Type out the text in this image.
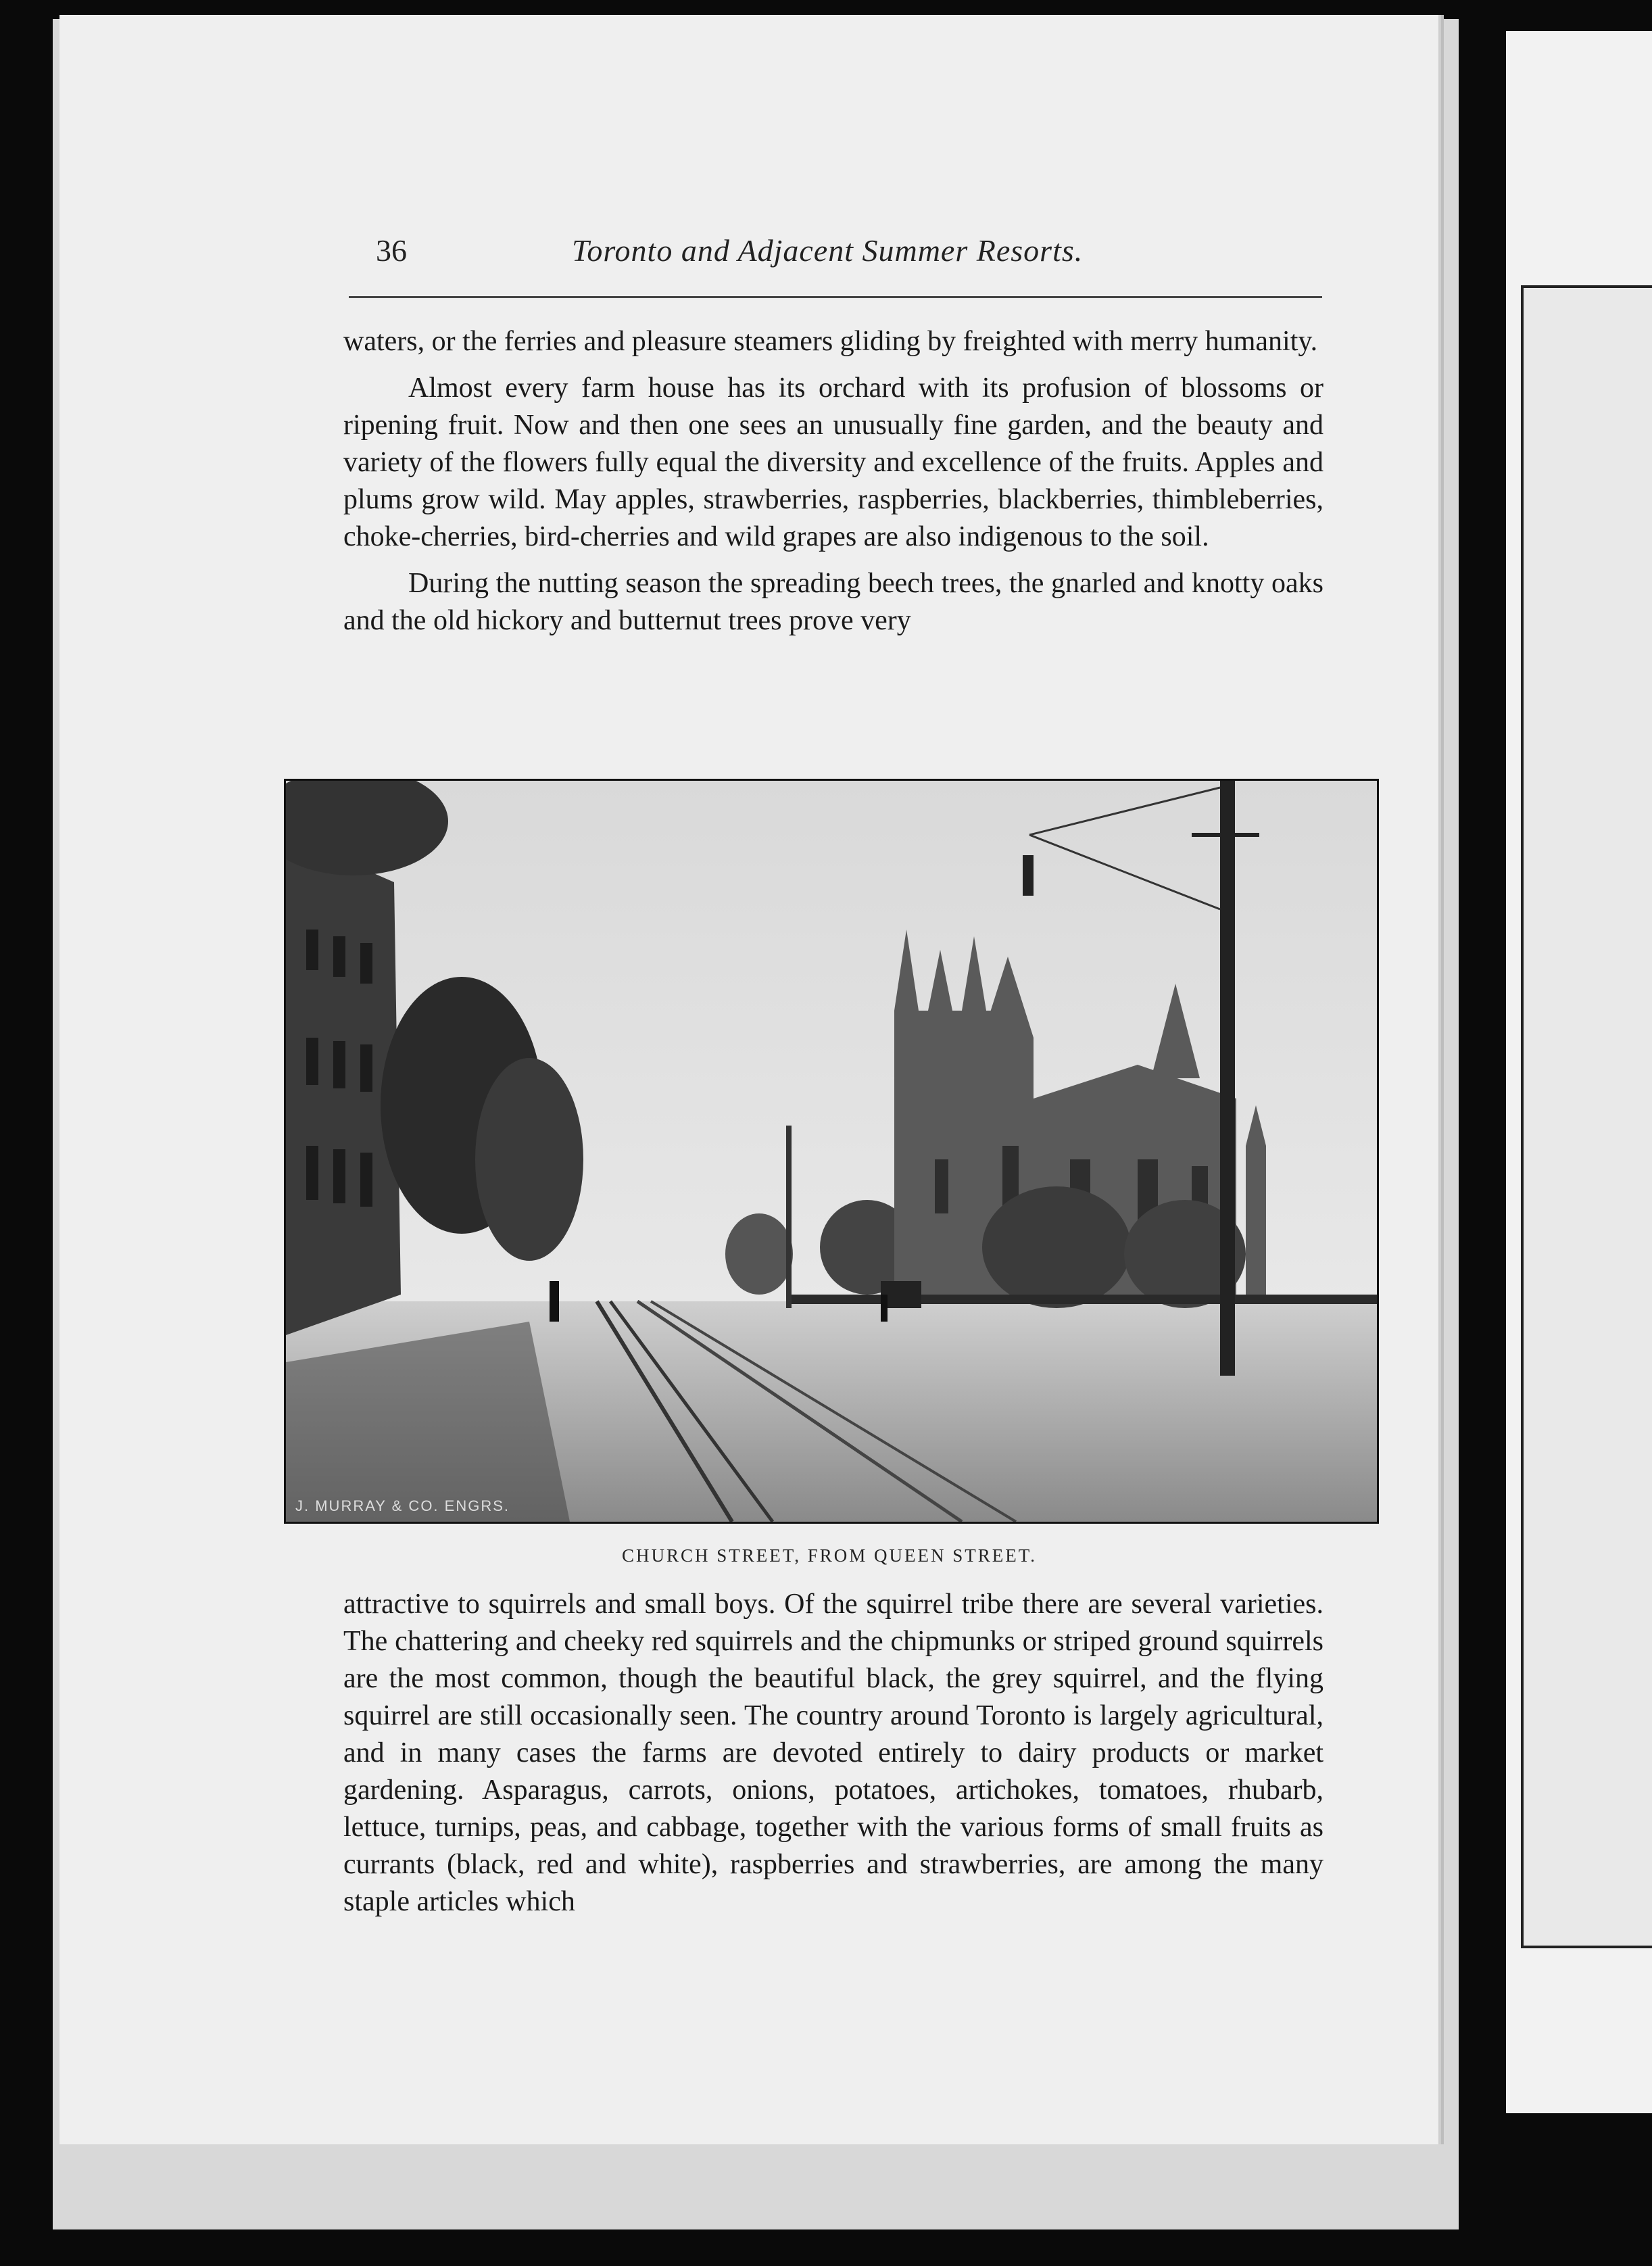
36	Toronto and Adjacent Summer Resorts.

waters, or the ferries and pleasure steamers gliding by freighted with merry humanity.

Almost every farm house has its orchard with its profusion of blossoms or ripening fruit. Now and then one sees an unusually fine garden, and the beauty and variety of the flowers fully equal the diversity and excellence of the fruits. Apples and plums grow wild. May apples, strawberries, raspberries, blackberries, thimbleberries, choke-cherries, bird-cherries and wild grapes are also indigenous to the soil.

During the nutting season the spreading beech trees, the gnarled and knotty oaks and the old hickory and butternut trees prove very

J. MURRAY & CO. ENGRS.
CHURCH STREET, FROM QUEEN STREET.

attractive to squirrels and small boys. Of the squirrel tribe there are several varieties. The chattering and cheeky red squirrels and the chipmunks or striped ground squirrels are the most common, though the beautiful black, the grey squirrel, and the flying squirrel are still occasionally seen. The country around Toronto is largely agricultural, and in many cases the farms are devoted entirely to dairy products or market gardening. Asparagus, carrots, onions, potatoes, artichokes, tomatoes, rhubarb, lettuce, turnips, peas, and cabbage, together with the various forms of small fruits as currants (black, red and white), raspberries and strawberries, are among the many staple articles which
